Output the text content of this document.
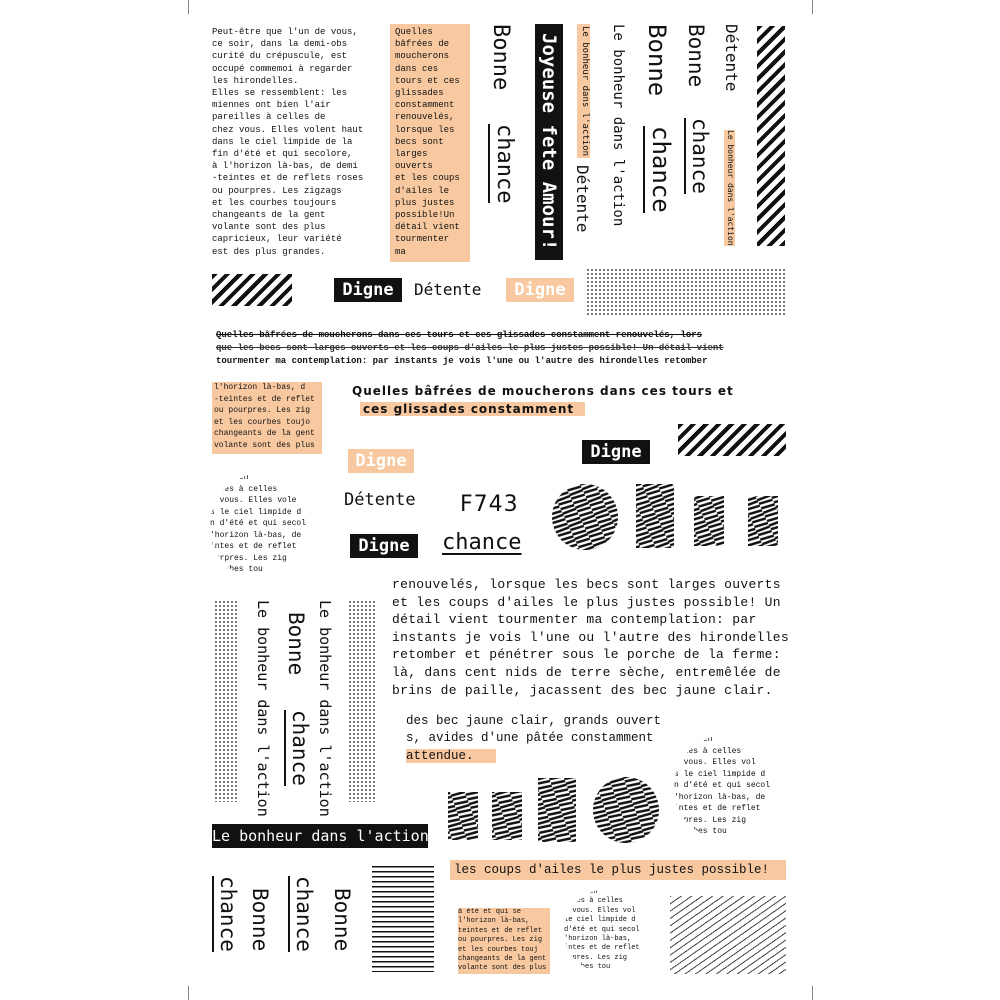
Peut-être que l'un de vous,
ce soir, dans la demi-obs
curité du crépuscule, est
occupé commemoi à regarder
les hirondelles.
Elles se ressemblent: les
miennes ont bien l'air
pareilles à celles de
chez vous. Elles volent haut
dans le ciel limpide de la
fin d'été et qui secolore,
à l'horizon là-bas, de demi
-teintes et de reflets roses
ou pourpres. Les zigzags
et les courbes toujours
changeants de la gent
volante sont des plus
capricieux, leur variété
est des plus grandes.
Quelles
bâfrées de
moucherons
dans ces
tours et ces
glissades
constamment
renouvelés,
lorsque les
becs sont
larges
ouverts
et les coups
d'ailes le
plus justes
possible!Un
détail vient
tourmenter
ma
Bonne
chance Joyeuse fete Amour!	Le bonheur dans l'action Le bonheur dans l'action
Détente
Bonne
chance
Bonne
chance
Détente
Le bonheur dans l'action
Digne	Détente	Digne
Quelles bâfrées de moucherons dans ces tours et ces glissades constamment renouvelés, lors
que les becs sont larges ouverts et les coups d'ailes le plus justes possible! Un détail vient
tourmenter ma contemplation: par instants je vois l'une ou l'autre des hirondelles retomber
l'horizon là-bas, d
-teintes et de reflet
ou pourpres. Les zig
et les courbes toujo
changeants de la gent
volante sont des plus
Quelles bâfrées de moucherons dans ces tours et
ces glissades constamment
Digne	Digne
ont bien
elles à celles
s vous. Elles vole
s le ciel limpide d
n d'été et qui secol
'horizon là-bas, de
intes et de reflet
purpres. Les zig
courbes tou
Détente
Digne
F743
chance
Le bonheur dans l'action Bonne
chance Le bonheur dans l'action
Le bonheur dans l'action
chance Bonne chance Bonne
renouvelés, lorsque les becs sont larges ouverts
et les coups d'ailes le plus justes possible! Un
détail vient tourmenter ma contemplation: par
instants je vois l'une ou l'autre des hirondelles
retomber et pénétrer sous le porche de la ferme:
là, dans cent nids de terre sèche, entremêlée de
brins de paille, jacassent des bec jaune clair.
des bec jaune clair, grands ouvert
s, avides d'une pâtée constamment
attendue.
ont bien
elles à celles
s vous. Elles vol
s le ciel limpide d
n d'été et qui secol
'horizon là-bas, de
intes et de reflet
urpres. Les zig
courbes tou
les coups d'ailes le plus justes possible!
à été et qui se
l'horizon là-bas,
teintes et de reflet
ou pourpres. Les zig
et les courbes touj
changeants de la gent
volante sont des plus
ont bien
elles à celles
s vous. Elles vol
le ciel limpide d
d'été et qui secol
'horizon là-bas,
intes et de reflet
urpres. Les zig
courbes tou
